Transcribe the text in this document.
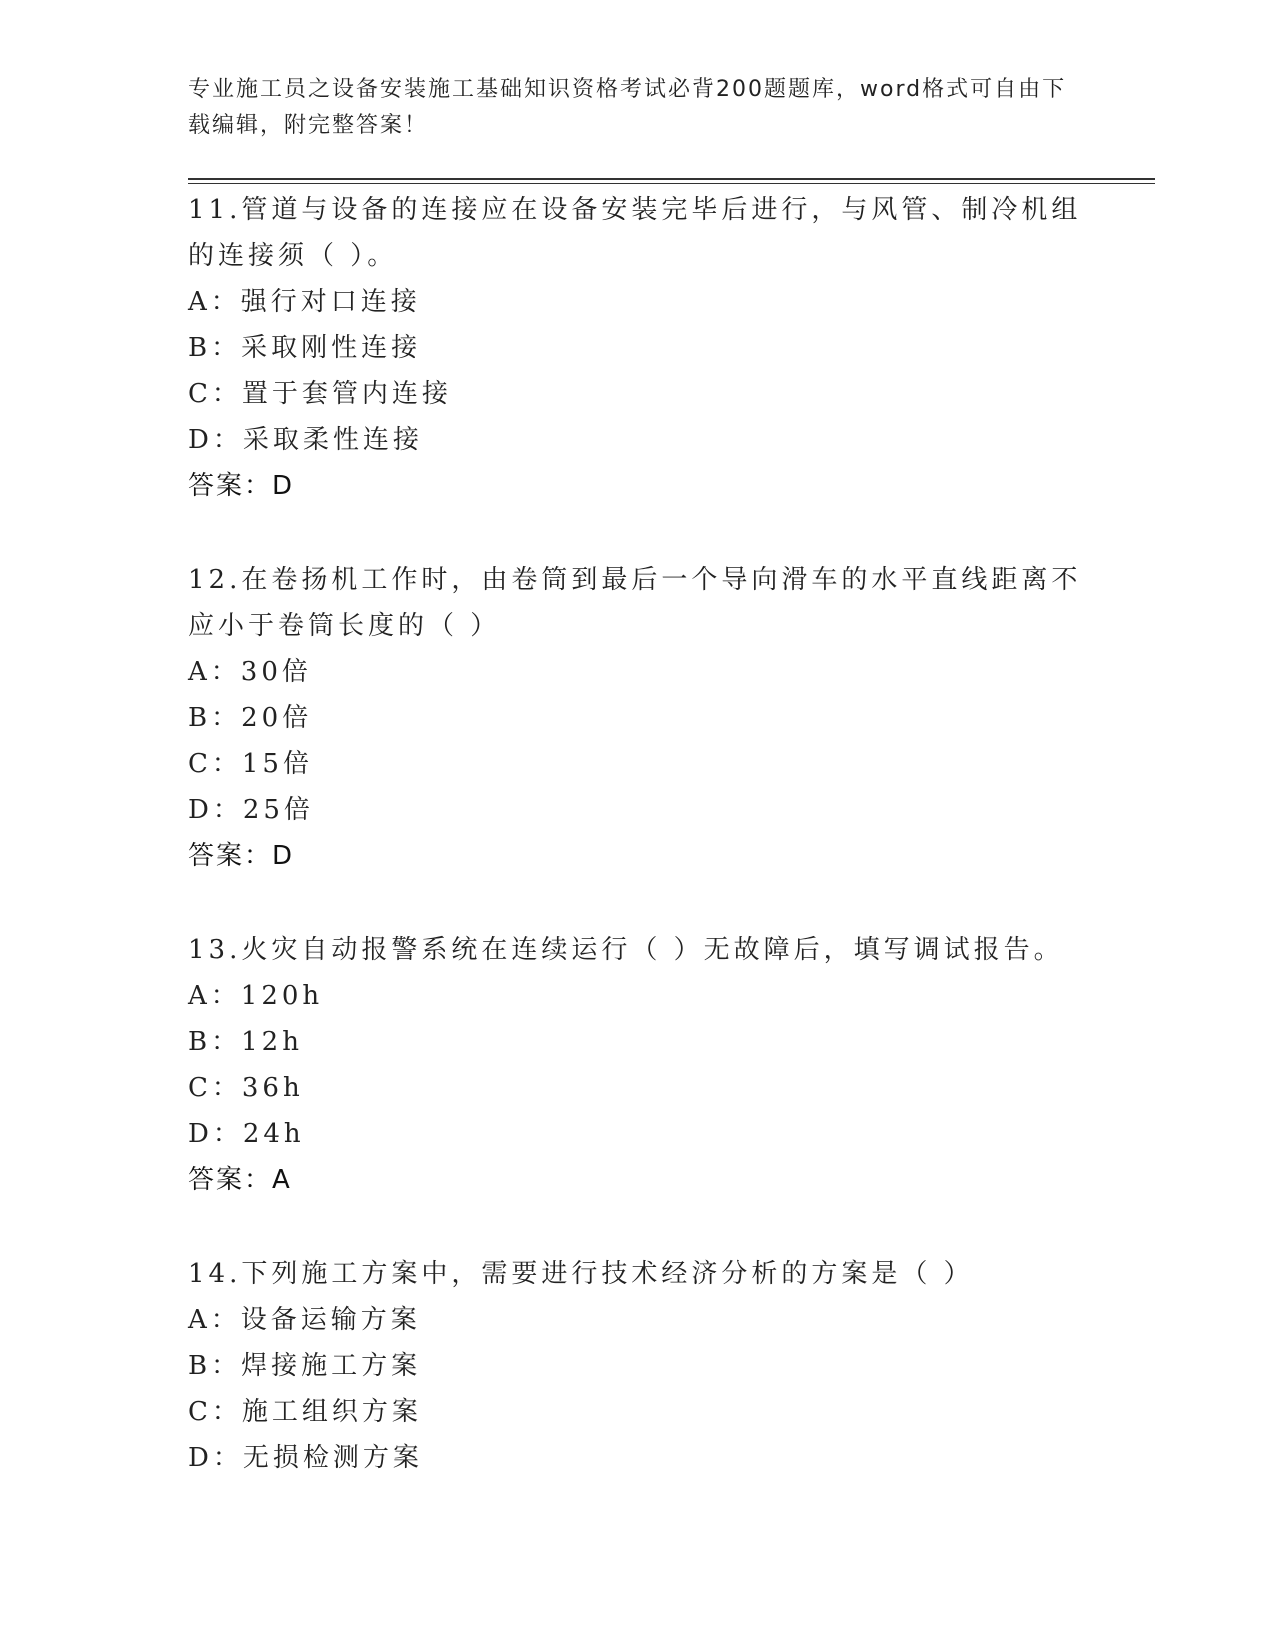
专业施工员之设备安装施工基础知识资格考试必背200题题库，word格式可自由下载编辑，附完整答案！
11.管道与设备的连接应在设备安装完毕后进行，与风管、制冷机组的连接须（ ）。
A：强行对口连接
B：采取刚性连接
C：置于套管内连接
D：采取柔性连接
答案：D
12.在卷扬机工作时，由卷筒到最后一个导向滑车的水平直线距离不应小于卷筒长度的（ ）
A：30倍
B：20倍
C：15倍
D：25倍
答案：D
13.火灾自动报警系统在连续运行（ ）无故障后，填写调试报告。
A：120h
B：12h
C：36h
D：24h
答案：A
14.下列施工方案中，需要进行技术经济分析的方案是（ ）
A：设备运输方案
B：焊接施工方案
C：施工组织方案
D：无损检测方案
